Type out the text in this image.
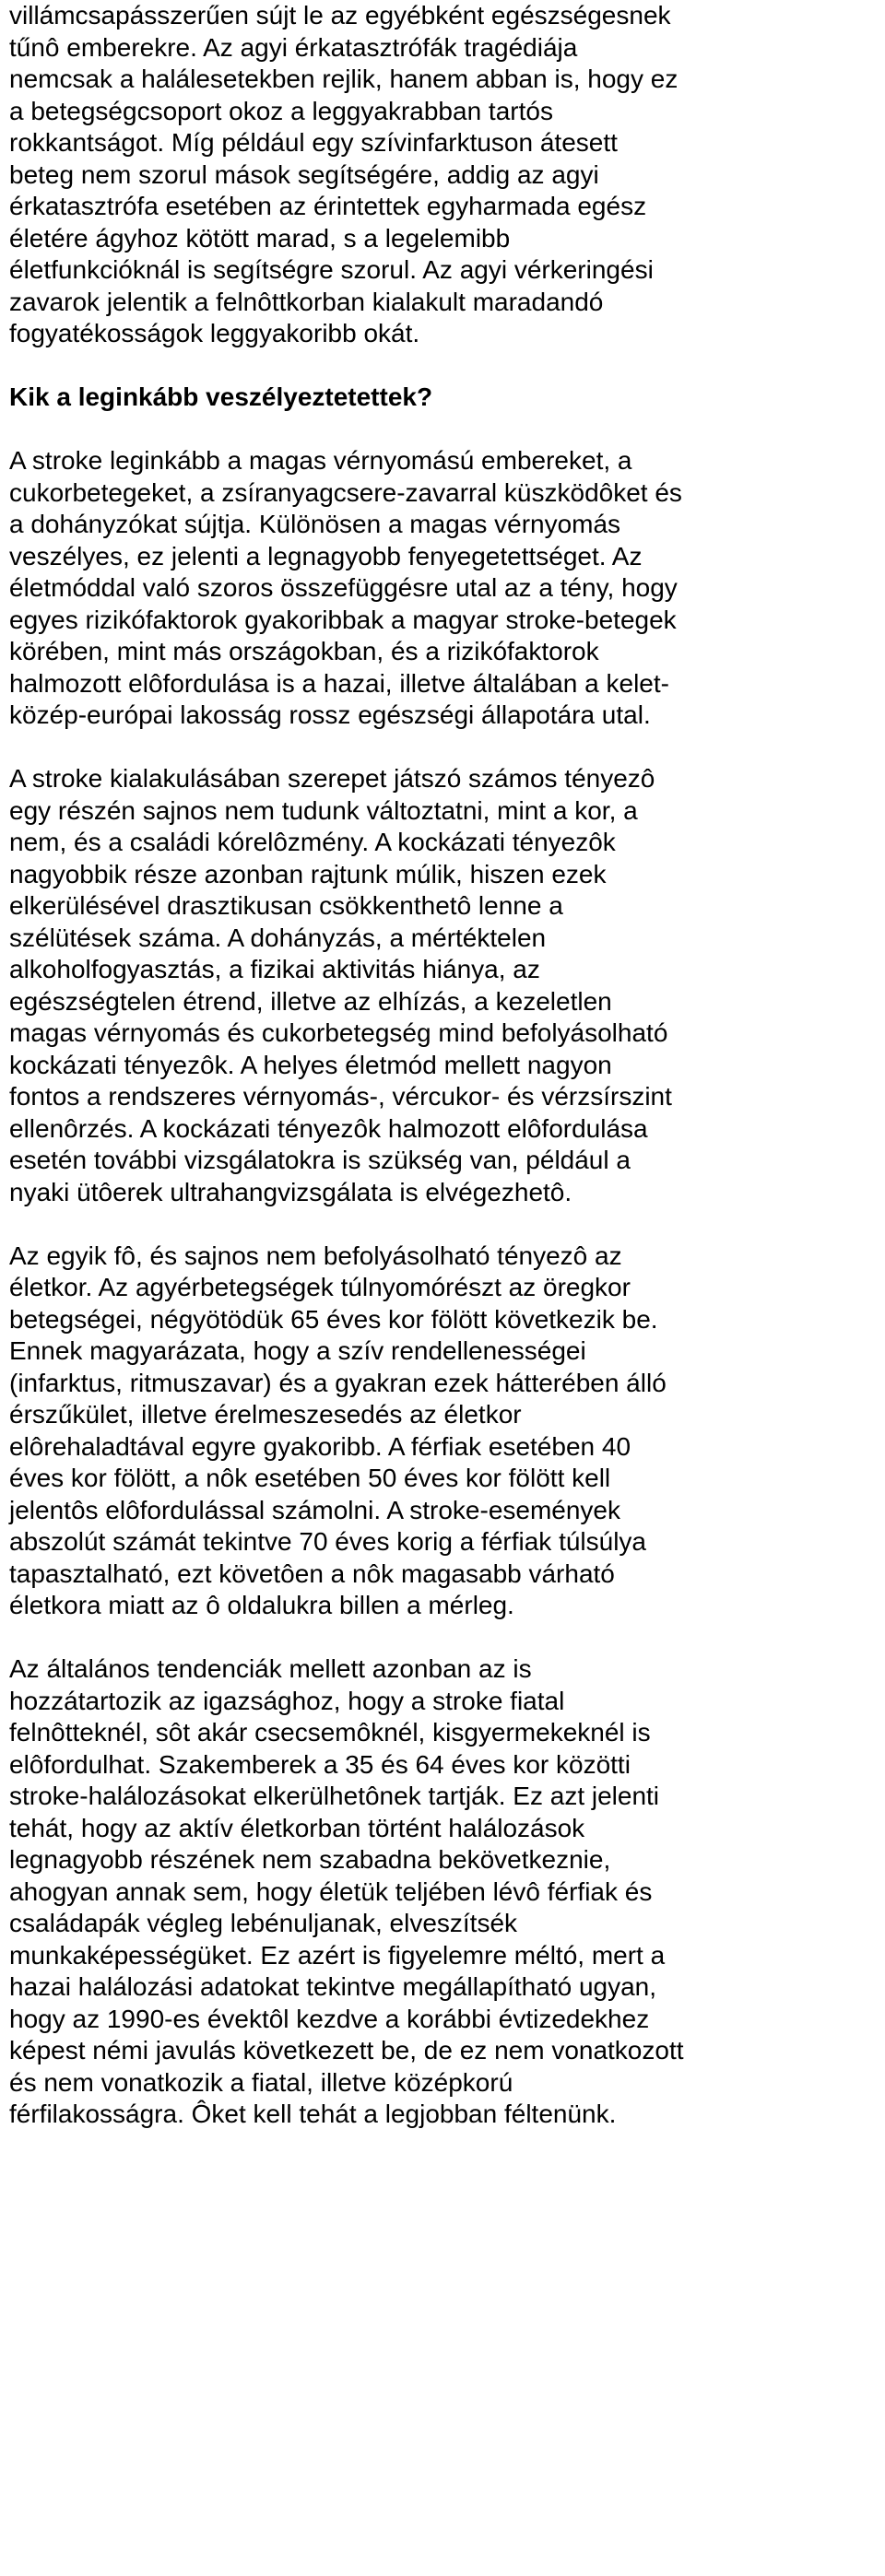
villámcsapásszerűen sújt le az egyébként egészségesnek
tűnô emberekre. Az agyi érkatasztrófák tragédiája
nemcsak a halálesetekben rejlik, hanem abban is, hogy ez
a betegségcsoport okoz a leggyakrabban tartós
rokkantságot. Míg például egy szívinfarktuson átesett
beteg nem szorul mások segítségére, addig az agyi
érkatasztrófa esetében az érintettek egyharmada egész
életére ágyhoz kötött marad, s a legelemibb
életfunkcióknál is segítségre szorul. Az agyi vérkeringési
zavarok jelentik a felnôttkorban kialakult maradandó
fogyatékosságok leggyakoribb okát.
Kik a leginkább veszélyeztetettek?
A stroke leginkább a magas vérnyomású embereket, a
cukorbetegeket, a zsíranyagcsere-zavarral küszködôket és
a dohányzókat sújtja. Különösen a magas vérnyomás
veszélyes, ez jelenti a legnagyobb fenyegetettséget. Az
életmóddal való szoros összefüggésre utal az a tény, hogy
egyes rizikófaktorok gyakoribbak a magyar stroke-betegek
körében, mint más országokban, és a rizikófaktorok
halmozott elôfordulása is a hazai, illetve általában a kelet-
közép-európai lakosság rossz egészségi állapotára utal.
A stroke kialakulásában szerepet játszó számos tényezô
egy részén sajnos nem tudunk változtatni, mint a kor, a
nem, és a családi kórelôzmény. A kockázati tényezôk
nagyobbik része azonban rajtunk múlik, hiszen ezek
elkerülésével drasztikusan csökkenthetô lenne a
szélütések száma. A dohányzás, a mértéktelen
alkoholfogyasztás, a fizikai aktivitás hiánya, az
egészségtelen étrend, illetve az elhízás, a kezeletlen
magas vérnyomás és cukorbetegség mind befolyásolható
kockázati tényezôk. A helyes életmód mellett nagyon
fontos a rendszeres vérnyomás-, vércukor- és vérzsírszint
ellenôrzés. A kockázati tényezôk halmozott elôfordulása
esetén további vizsgálatokra is szükség van, például a
nyaki ütôerek ultrahangvizsgálata is elvégezhetô.
Az egyik fô, és sajnos nem befolyásolható tényezô az
életkor. Az agyérbetegségek túlnyomórészt az öregkor
betegségei, négyötödük 65 éves kor fölött következik be.
Ennek magyarázata, hogy a szív rendellenességei
(infarktus, ritmuszavar) és a gyakran ezek hátterében álló
érszűkület, illetve érelmeszesedés az életkor
elôrehaladtával egyre gyakoribb. A férfiak esetében 40
éves kor fölött, a nôk esetében 50 éves kor fölött kell
jelentôs elôfordulással számolni. A stroke-események
abszolút számát tekintve 70 éves korig a férfiak túlsúlya
tapasztalható, ezt követôen a nôk magasabb várható
életkora miatt az ô oldalukra billen a mérleg.
Az általános tendenciák mellett azonban az is
hozzátartozik az igazsághoz, hogy a stroke fiatal
felnôtteknél, sôt akár csecsemôknél, kisgyermekeknél is
elôfordulhat. Szakemberek a 35 és 64 éves kor közötti
stroke-halálozásokat elkerülhetônek tartják. Ez azt jelenti
tehát, hogy az aktív életkorban történt halálozások
legnagyobb részének nem szabadna bekövetkeznie,
ahogyan annak sem, hogy életük teljében lévô férfiak és
családapák végleg lebénuljanak, elveszítsék
munkaképességüket. Ez azért is figyelemre méltó, mert a
hazai halálozási adatokat tekintve megállapítható ugyan,
hogy az 1990-es évektôl kezdve a korábbi évtizedekhez
képest némi javulás következett be, de ez nem vonatkozott
és nem vonatkozik a fiatal, illetve középkorú
férfilakosságra. Ôket kell tehát a legjobban féltenünk.
